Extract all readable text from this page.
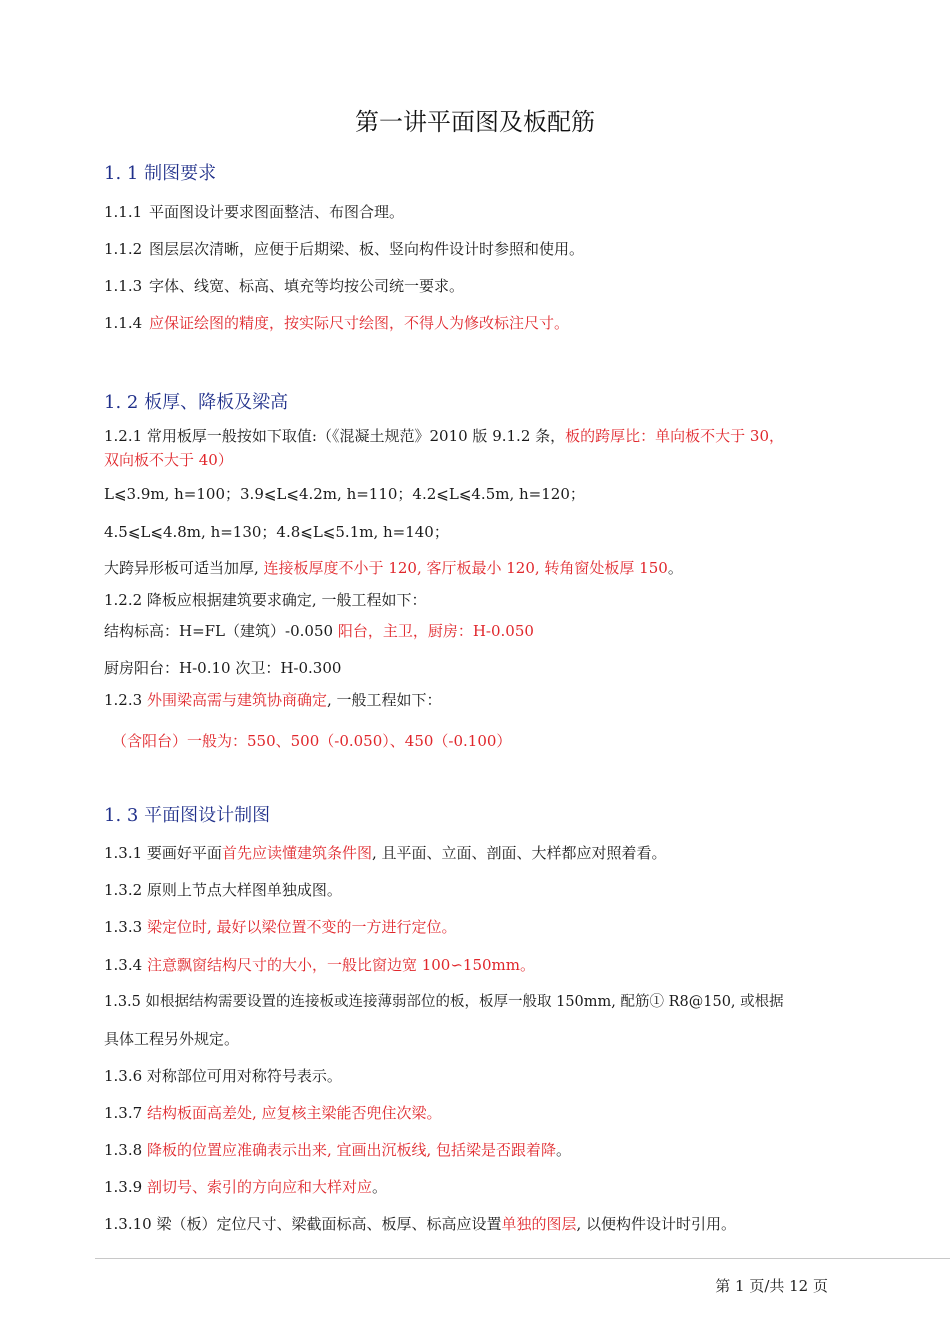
第一讲平面图及板配筋
1. 1 制图要求
1.1.1 平面图设计要求图面整洁、布图合理。
1.1.2 图层层次清晰，应便于后期梁、板、竖向构件设计时参照和使用。
1.1.3 字体、线宽、标高、填充等均按公司统一要求。
1.1.4 应保证绘图的精度，按实际尺寸绘图，不得人为修改标注尺寸。
1. 2 板厚、降板及梁高
1.2.1 常用板厚一般按如下取值:（《混凝土规范》2010 版 9.1.2 条，板的跨厚比：单向板不大于 30，
双向板不大于 40）
L⩽3.9m, h=100；3.9⩽L⩽4.2m, h=110；4.2⩽L⩽4.5m, h=120；
4.5⩽L⩽4.8m, h=130；4.8⩽L⩽5.1m, h=140；
大跨异形板可适当加厚, 连接板厚度不小于 120, 客厅板最小 120, 转角窗处板厚 150。
1.2.2 降板应根据建筑要求确定, 一般工程如下：
结构标高：H=FL（建筑）-0.050 阳台，主卫，厨房：H-0.050
厨房阳台：H-0.10 次卫：H-0.300
1.2.3 外围梁高需与建筑协商确定, 一般工程如下：
（含阳台）一般为：550、500（-0.050）、450（-0.100）
1. 3 平面图设计制图
1.3.1 要画好平面首先应读懂建筑条件图, 且平面、立面、剖面、大样都应对照着看。
1.3.2 原则上节点大样图单独成图。
1.3.3 梁定位时, 最好以梁位置不变的一方进行定位。
1.3.4 注意飘窗结构尺寸的大小，一般比窗边宽 100∽150mm。
1.3.5 如根据结构需要设置的连接板或连接薄弱部位的板，板厚一般取 150mm, 配筋① R8@150, 或根据
具体工程另外规定。
1.3.6 对称部位可用对称符号表示。
1.3.7 结构板面高差处, 应复核主梁能否兜住次梁。
1.3.8 降板的位置应准确表示出来, 宜画出沉板线, 包括梁是否跟着降。
1.3.9 剖切号、索引的方向应和大样对应。
1.3.10 梁（板）定位尺寸、梁截面标高、板厚、标高应设置单独的图层, 以便构件设计时引用。
第 1 页/共 12 页
